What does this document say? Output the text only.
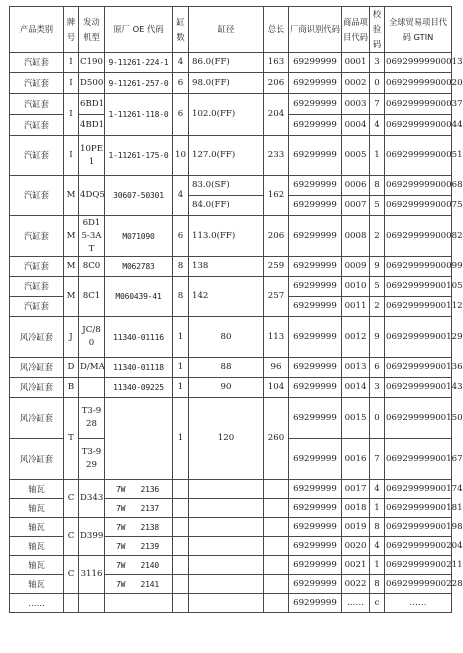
产品类别	牌号	发动机型	原厂 OE 代码	缸数	缸径	总长	厂商识别代码	商品项目代码	校验码	全球贸易项目代码 GTIN
汽缸套	I	C190	9-11261-224-1	4	86.0(FF)	163	69299999	0001	3	06929999900013
汽缸套	I	D500	9-11261-257-0	6	98.0(FF)	206	69299999	0002	0	06929999900020
汽缸套	I	6BD1	1-11261-118-0	6	102.0(FF)	204	69299999	0003	7	06929999900037
汽缸套		4BD1					69299999	0004	4	06929999900044
汽缸套	I	10PE1	1-11261-175-0	10	127.0(FF)	233	69299999	0005	1	06929999900051
汽缸套	M	4DQ5	30607-50301	4	83.0(SF)	162	69299999	0006	8	06929999900068
					84.0(FF)		69299999	0007	5	06929999900075
汽缸套	M	6D15-3AT	M071090	6	113.0(FF)	206	69299999	0008	2	06929999900082
汽缸套	M	8C0	M062783	8	138	259	69299999	0009	9	06929999900099
汽缸套	M	8C1	M060439-41	8	142	257	69299999	0010	5	06929999900105
汽缸套							69299999	0011	2	06929999900112
风冷缸套	J	JC/80	11340-01116	1	80	113	69299999	0012	9	06929999900129
风冷缸套	D	D/MA	11340-01118	1	88	96	69299999	0013	6	06929999900136
风冷缸套	B		11340-09225	1	90	104	69299999	0014	3	06929999900143
风冷缸套	T	T3-928		1	120	260	69299999	0015	0	06929999900150
风冷缸套		T3-929					69299999	0016	7	06929999900167
轴瓦	C	D343	7W 2136				69299999	0017	4	06929999900174
轴瓦			7W 2137				69299999	0018	1	06929999900181
轴瓦	C	D399	7W 2138				69299999	0019	8	06929999900198
轴瓦			7W 2139				69299999	0020	4	06929999900204
轴瓦	C	3116	7W 2140				69299999	0021	1	06929999900211
轴瓦			7W 2141				69299999	0022	8	06929999900228
……							69299999	……	c	……
